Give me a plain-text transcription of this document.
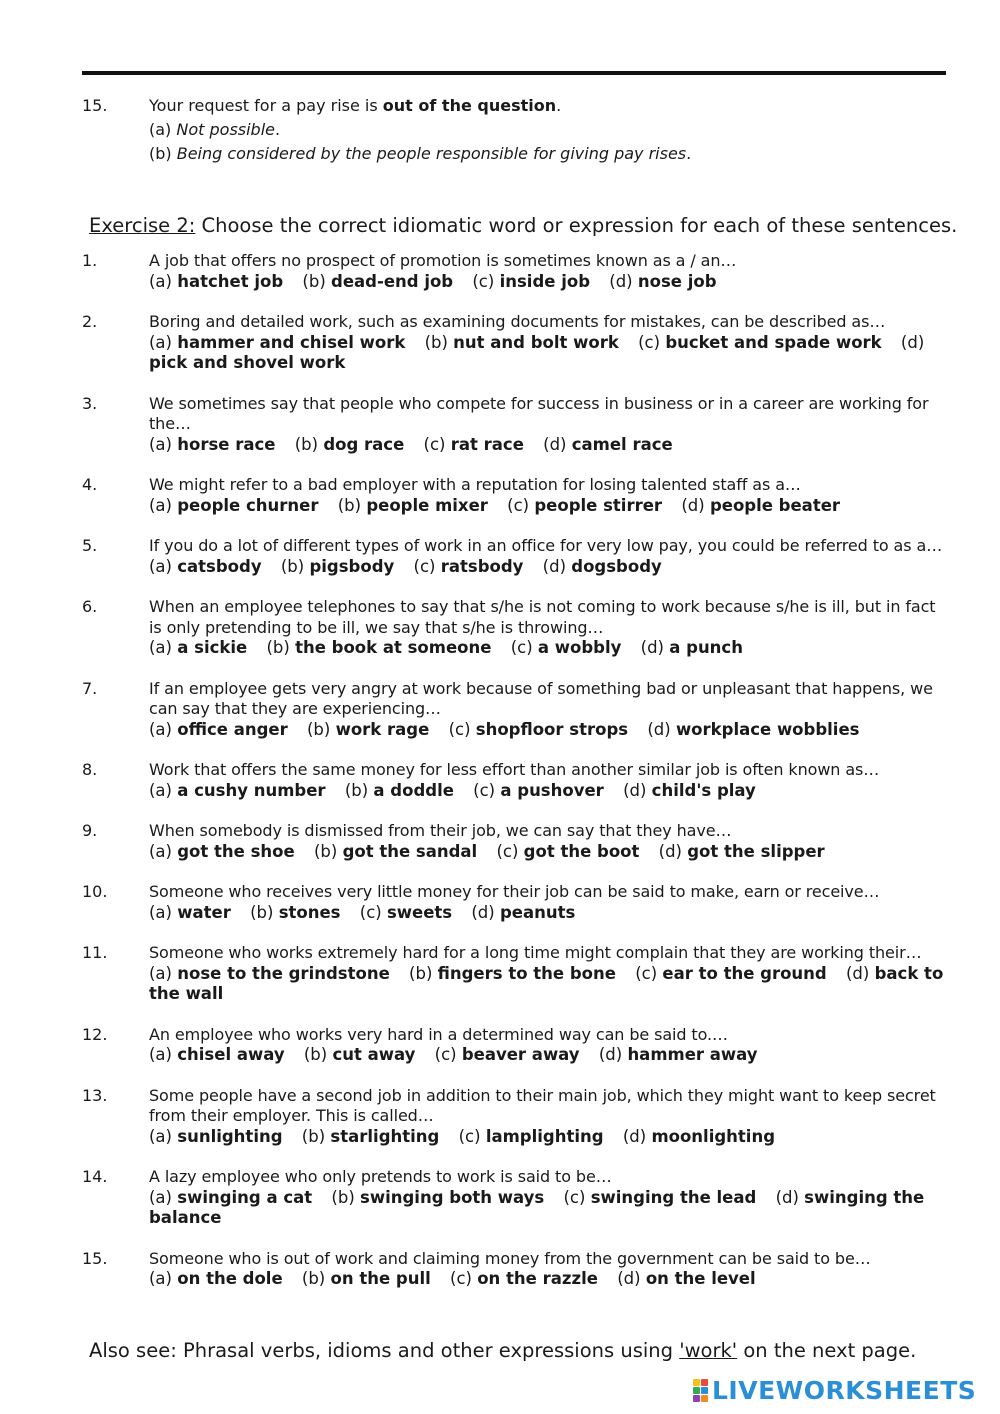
15.	Your request for a pay rise is out of the question.
(a) Not possible.
(b) Being considered by the people responsible for giving pay rises.
Exercise 2: Choose the correct idiomatic word or expression for each of these sentences.
1.	A job that offers no prospect of promotion is sometimes known as a / an…
(a) hatchet job (b) dead-end job (c) inside job (d) nose job
2.	Boring and detailed work, such as examining documents for mistakes, can be described as…
(a) hammer and chisel work (b) nut and bolt work (c) bucket and spade work (d) pick and shovel work
3.	We sometimes say that people who compete for success in business or in a career are working for the…
(a) horse race (b) dog race (c) rat race (d) camel race
4.	We might refer to a bad employer with a reputation for losing talented staff as a…
(a) people churner (b) people mixer (c) people stirrer (d) people beater
5.	If you do a lot of different types of work in an office for very low pay, you could be referred to as a…
(a) catsbody (b) pigsbody (c) ratsbody (d) dogsbody
6.	When an employee telephones to say that s/he is not coming to work because s/he is ill, but in fact is only pretending to be ill, we say that s/he is throwing…
(a) a sickie (b) the book at someone (c) a wobbly (d) a punch
7.	If an employee gets very angry at work because of something bad or unpleasant that happens, we can say that they are experiencing…
(a) office anger (b) work rage (c) shopfloor strops (d) workplace wobblies
8.	Work that offers the same money for less effort than another similar job is often known as…
(a) a cushy number (b) a doddle (c) a pushover (d) child's play
9.	When somebody is dismissed from their job, we can say that they have…
(a) got the shoe (b) got the sandal (c) got the boot (d) got the slipper
10.	Someone who receives very little money for their job can be said to make, earn or receive…
(a) water (b) stones (c) sweets (d) peanuts
11.	Someone who works extremely hard for a long time might complain that they are working their…
(a) nose to the grindstone (b) fingers to the bone (c) ear to the ground (d) back to the wall
12.	An employee who works very hard in a determined way can be said to.…
(a) chisel away (b) cut away (c) beaver away (d) hammer away
13.	Some people have a second job in addition to their main job, which they might want to keep secret from their employer. This is called…
(a) sunlighting (b) starlighting (c) lamplighting (d) moonlighting
14.	A lazy employee who only pretends to work is said to be…
(a) swinging a cat (b) swinging both ways (c) swinging the lead (d) swinging the balance
15.	Someone who is out of work and claiming money from the government can be said to be…
(a) on the dole (b) on the pull (c) on the razzle (d) on the level
Also see: Phrasal verbs, idioms and other expressions using 'work' on the next page.
LIVEWORKSHEETS
